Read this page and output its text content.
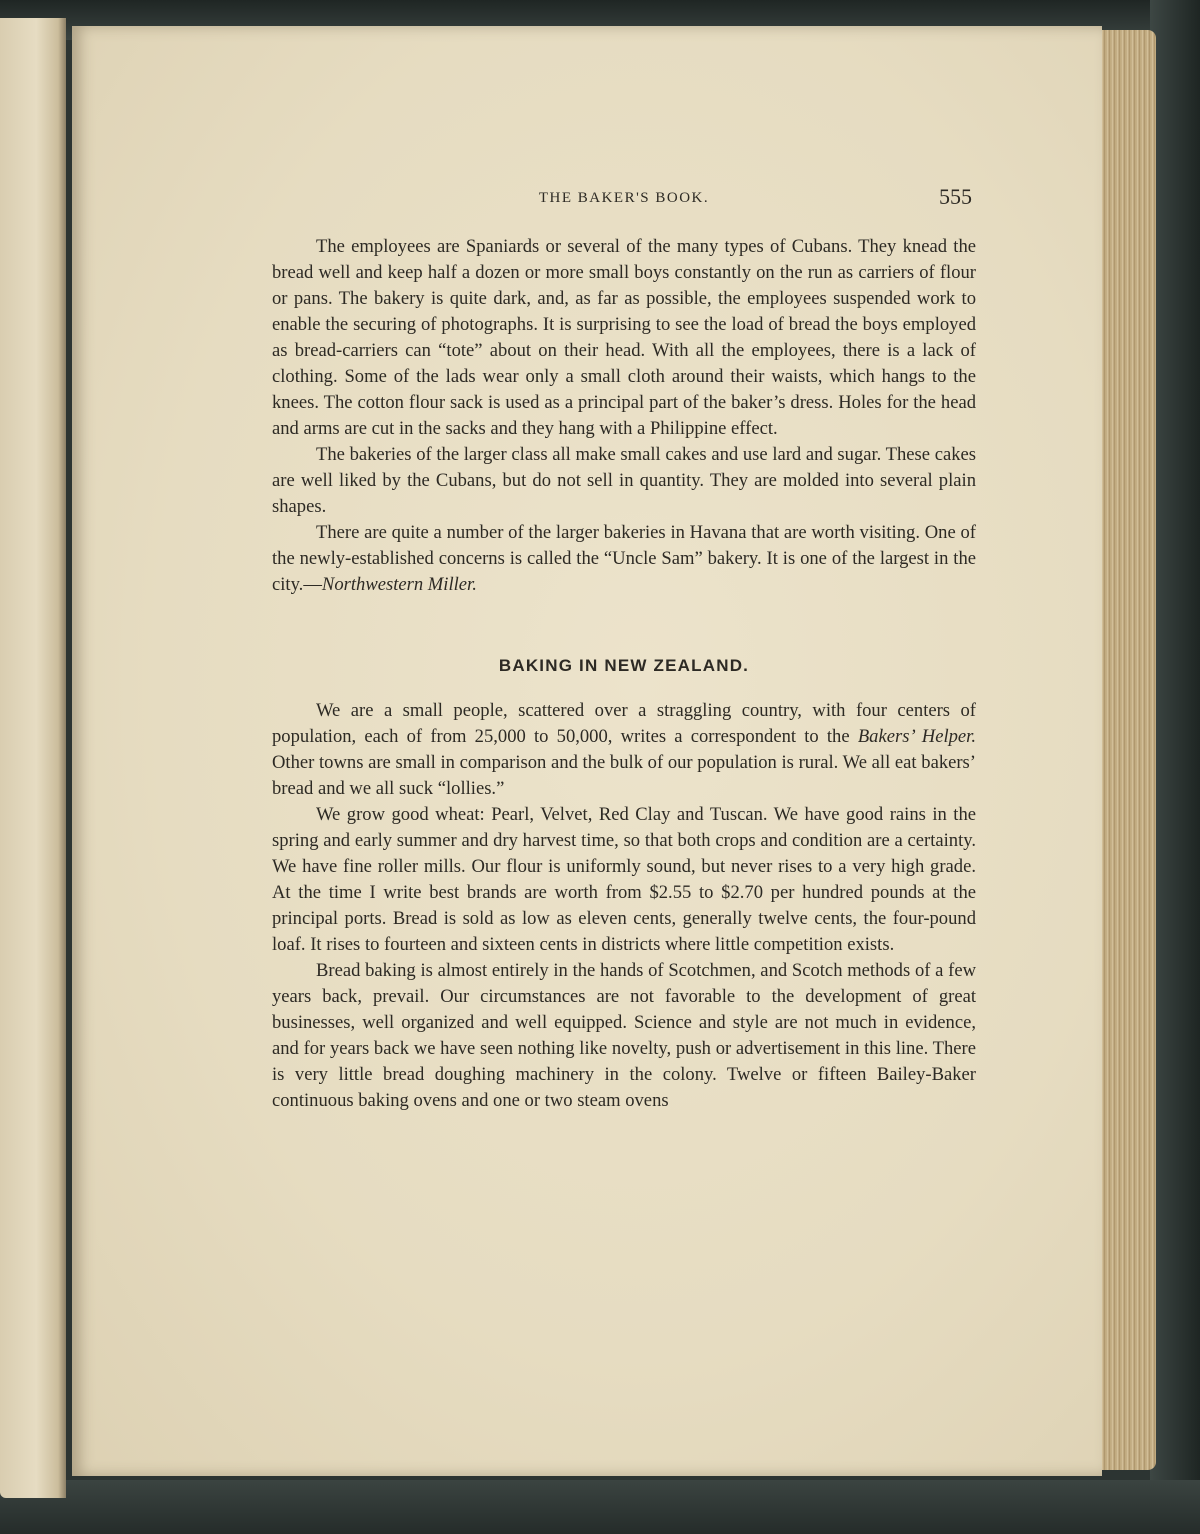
THE BAKER'S BOOK.	555

The employees are Spaniards or several of the many types of Cubans. They knead the bread well and keep half a dozen or more small boys constantly on the run as carriers of flour or pans. The bakery is quite dark, and, as far as possible, the employees suspended work to enable the securing of photographs. It is surprising to see the load of bread the boys employed as bread-carriers can “tote” about on their head. With all the employees, there is a lack of clothing. Some of the lads wear only a small cloth around their waists, which hangs to the knees. The cotton flour sack is used as a principal part of the baker’s dress. Holes for the head and arms are cut in the sacks and they hang with a Philippine effect.

The bakeries of the larger class all make small cakes and use lard and sugar. These cakes are well liked by the Cubans, but do not sell in quantity. They are molded into several plain shapes.

There are quite a number of the larger bakeries in Havana that are worth visiting. One of the newly-established concerns is called the “Uncle Sam” bakery. It is one of the largest in the city.—Northwestern Miller.

BAKING IN NEW ZEALAND.

We are a small people, scattered over a straggling country, with four centers of population, each of from 25,000 to 50,000, writes a correspondent to the Bakers’ Helper. Other towns are small in comparison and the bulk of our population is rural. We all eat bakers’ bread and we all suck “lollies.”

We grow good wheat: Pearl, Velvet, Red Clay and Tuscan. We have good rains in the spring and early summer and dry harvest time, so that both crops and condition are a certainty. We have fine roller mills. Our flour is uniformly sound, but never rises to a very high grade. At the time I write best brands are worth from $2.55 to $2.70 per hundred pounds at the principal ports. Bread is sold as low as eleven cents, generally twelve cents, the four-pound loaf. It rises to fourteen and sixteen cents in districts where little competition exists.

Bread baking is almost entirely in the hands of Scotchmen, and Scotch methods of a few years back, prevail. Our circumstances are not favorable to the development of great businesses, well organized and well equipped. Science and style are not much in evidence, and for years back we have seen nothing like novelty, push or advertisement in this line. There is very little bread doughing machinery in the colony. Twelve or fifteen Bailey-Baker continuous baking ovens and one or two steam ovens
